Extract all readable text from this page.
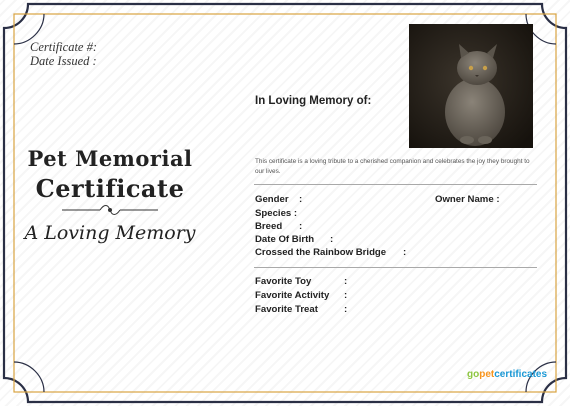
Certificate #:
Date Issued :
Pet Memorial
Certificate
A Loving Memory
In Loving Memory of:
This certificate is a loving tribute to a cherished companion and celebrates the joy they brought to our lives.
Gender :	Owner Name :
Species :
Breed :
Date Of Birth :
Crossed the Rainbow Bridge :
Favorite Toy	:
Favorite Activity :
Favorite Treat	:
gopetcertificates
